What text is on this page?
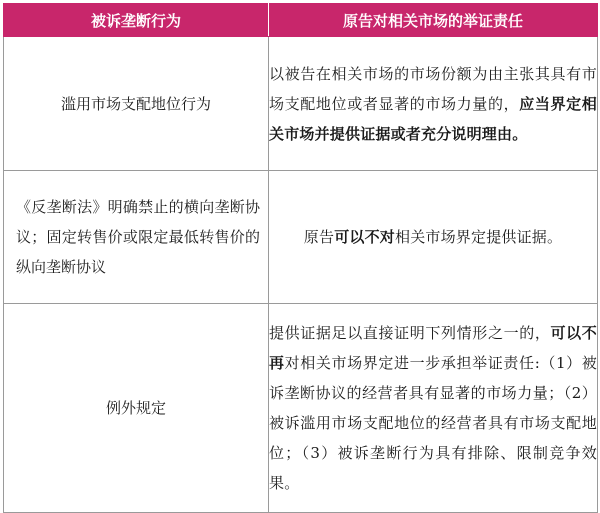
被诉垄断行为	原告对相关市场的举证责任
滥用市场支配地位行为	以被告在相关市场的市场份额为由主张其具有市场支配地位或者显著的市场力量的，应当界定相关市场并提供证据或者充分说明理由。
《反垄断法》明确禁止的横向垄断协议；固定转售价或限定最低转售价的纵向垄断协议	原告可以不对相关市场界定提供证据。
例外规定	提供证据足以直接证明下列情形之一的，可以不再对相关市场界定进一步承担举证责任:（1）被诉垄断协议的经营者具有显著的市场力量；（2）被诉滥用市场支配地位的经营者具有市场支配地位；（3）被诉垄断行为具有排除、限制竞争效果。
